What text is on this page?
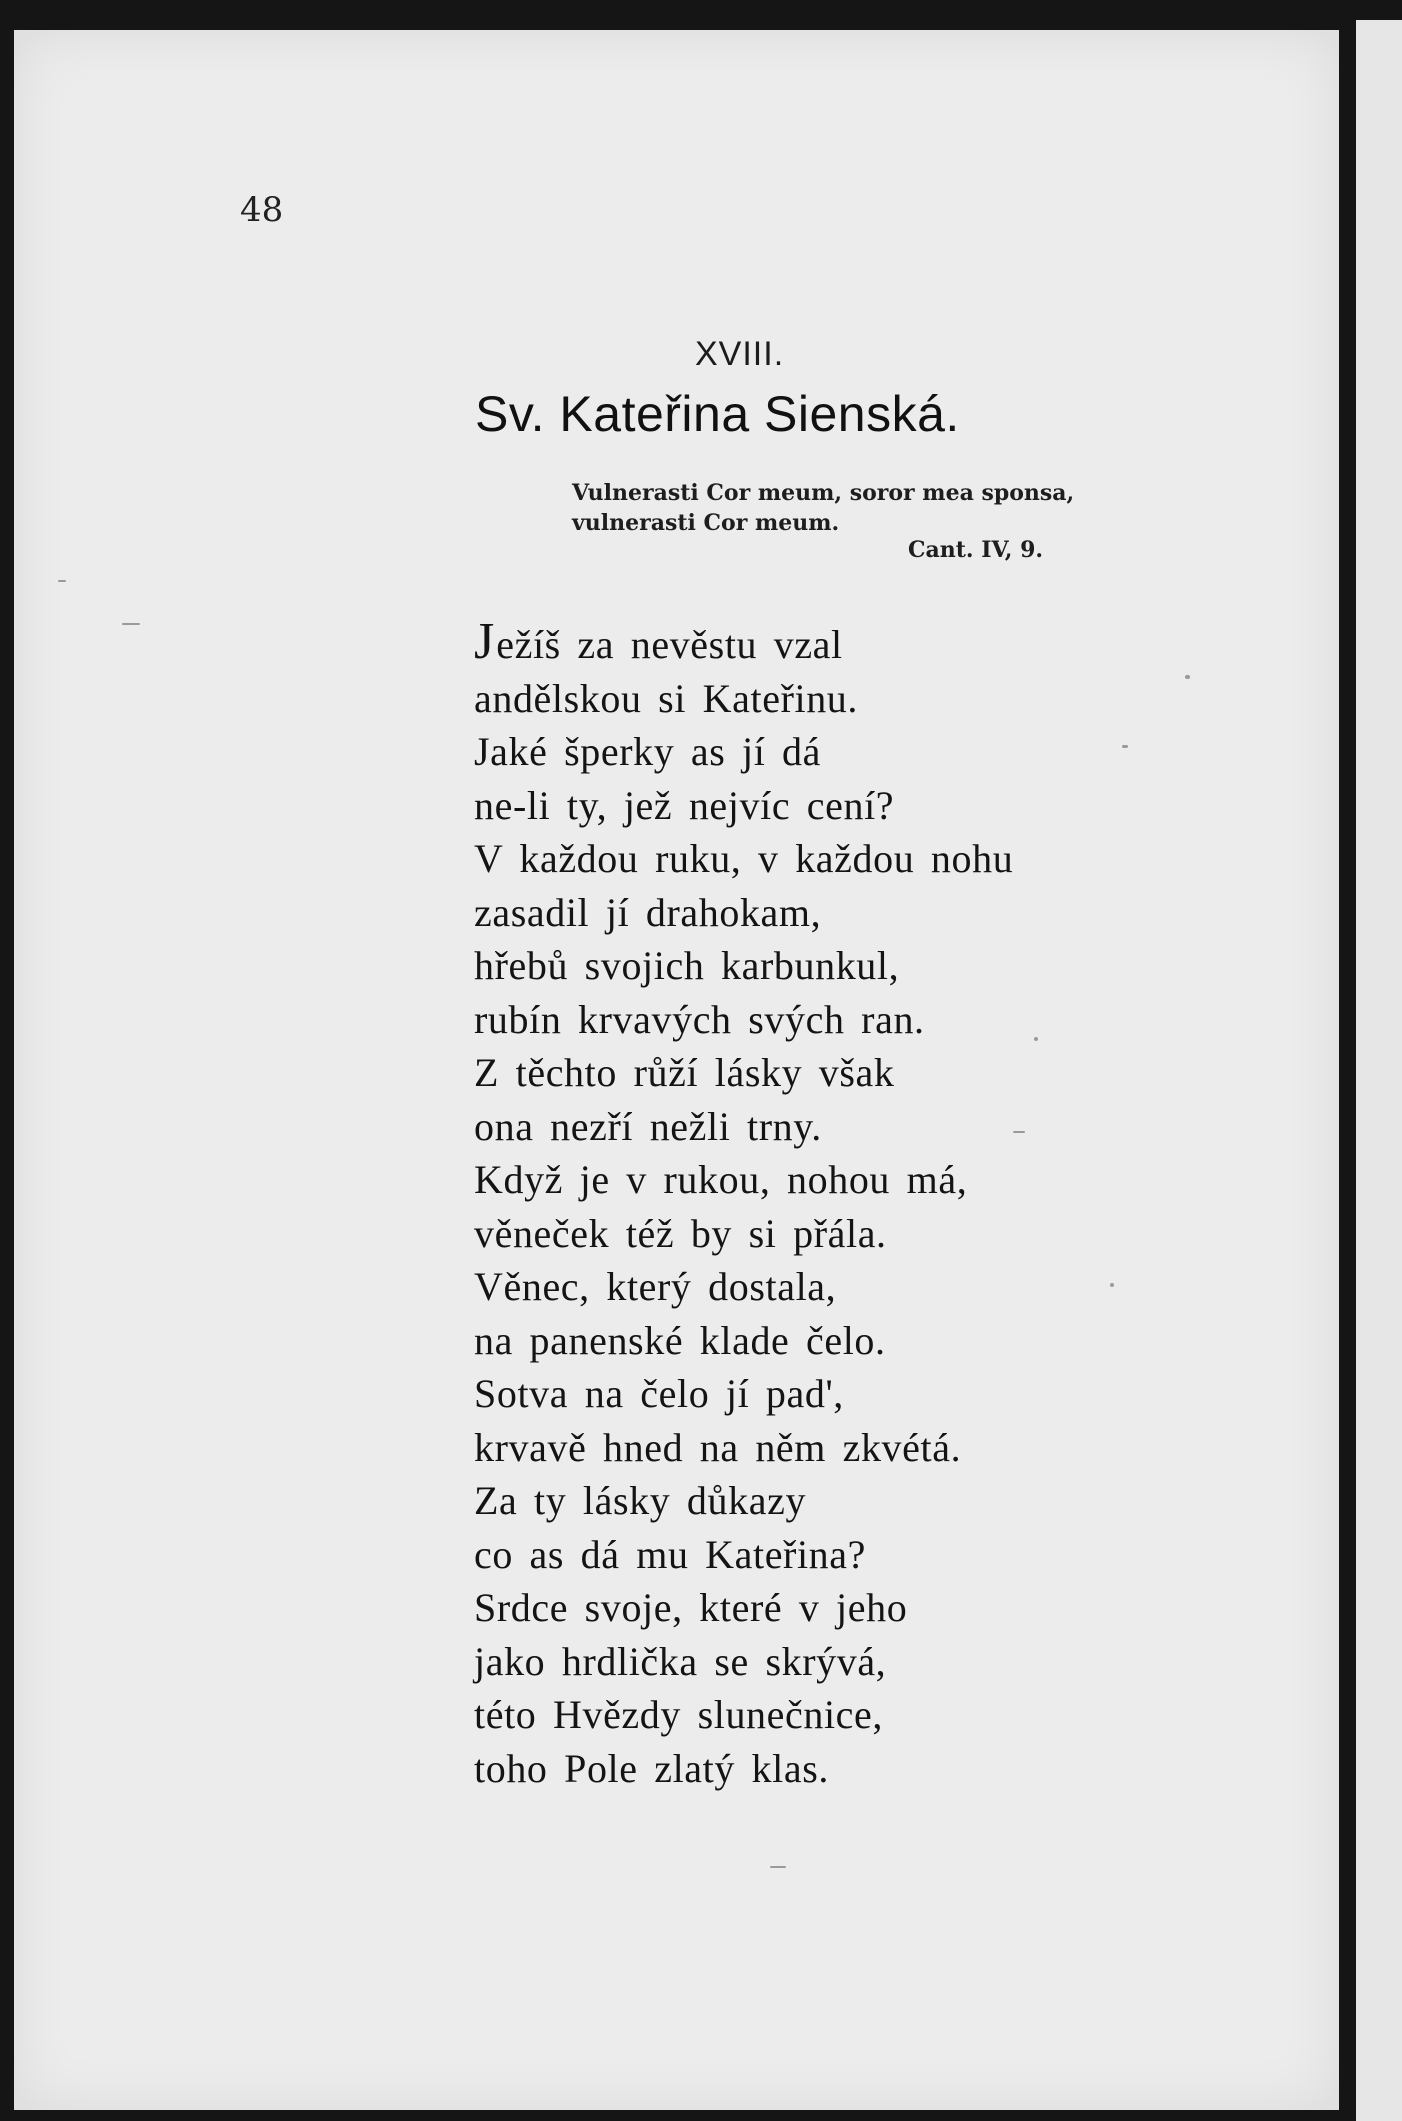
48
XVIII.
Sv. Kateřina Sienská.
Vulnerasti Cor meum, soror mea sponsa,
vulnerasti Cor meum.
Cant. IV, 9.
Ježíš za nevěstu vzal
andělskou si Kateřinu.
Jaké šperky as jí dá
ne-li ty, jež nejvíc cení?
V každou ruku, v každou nohu
zasadil jí drahokam,
hřebů svojich karbunkul,
rubín krvavých svých ran.
Z těchto růží lásky však
ona nezří nežli trny.
Když je v rukou, nohou má,
věneček též by si přála.
Věnec, který dostala,
na panenské klade čelo.
Sotva na čelo jí pad',
krvavě hned na něm zkvétá.
Za ty lásky důkazy
co as dá mu Kateřina?
Srdce svoje, které v jeho
jako hrdlička se skrývá,
této Hvězdy slunečnice,
toho Pole zlatý klas.
